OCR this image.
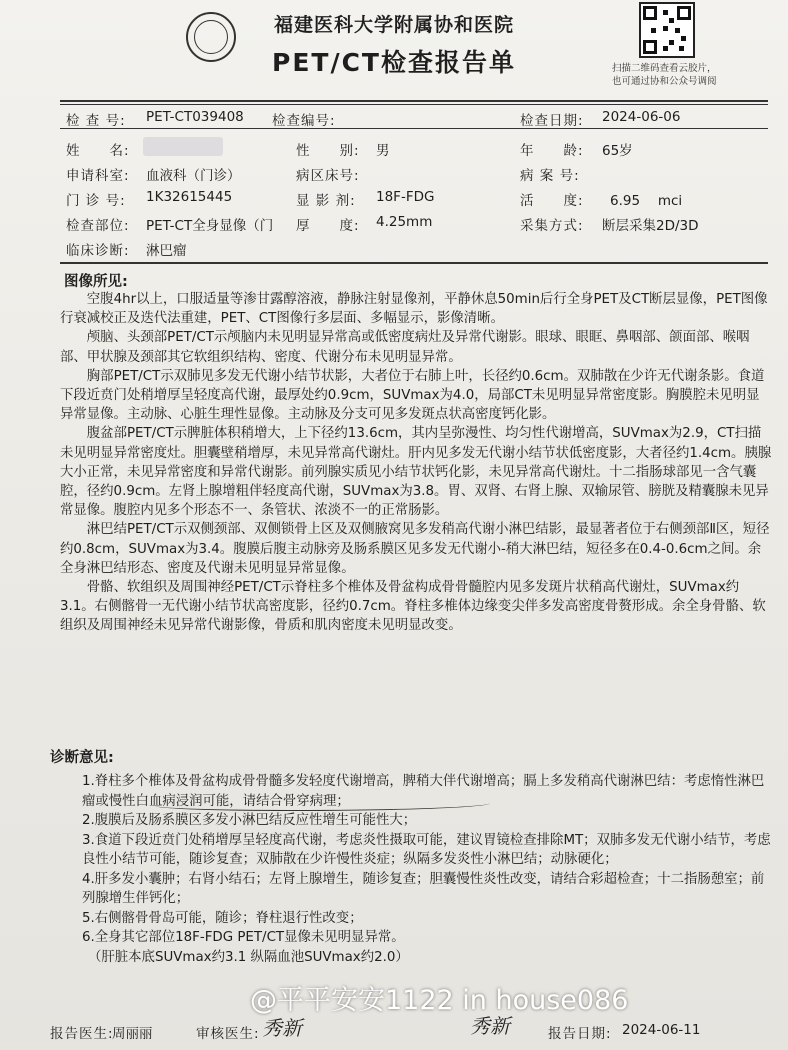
福建医科大学附属协和医院
PET/CT检查报告单	扫描二维码查看云胶片，
也可通过协和公众号调阅
检 查 号: PET-CT039408 检查编号:	检查日期: 2024-06-06
姓　　名:	性　　别: 男	年　　龄: 65岁
申请科室: 血液科（门诊）	病区床号:	病 案 号:
门 诊 号: 1K32615445	显 影 剂: 18F-FDG	活　　度: 6.95　 mci
检查部位: PET-CT全身显像（门 厚　　度: 4.25mm	采集方式: 断层采集2D/3D
临床诊断: 淋巴瘤
图像所见:

空腹4hr以上，口服适量等渗甘露醇溶液，静脉注射显像剂，平静休息50min后行全身PET及CT断层显像，PET图像行衰减校正及迭代法重建，PET、CT图像行多层面、多幅显示，影像清晰。

颅脑、头颈部PET/CT示颅脑内未见明显异常高或低密度病灶及异常代谢影。眼球、眼眶、鼻咽部、颌面部、喉咽部、甲状腺及颈部其它软组织结构、密度、代谢分布未见明显异常。

胸部PET/CT示双肺见多发无代谢小结节状影，大者位于右肺上叶，长径约0.6cm。双肺散在少许无代谢条影。食道下段近贲门处稍增厚呈轻度高代谢，最厚处约0.9cm，SUVmax为4.0，局部CT未见明显异常密度影。胸膜腔未见明显异常显像。主动脉、心脏生理性显像。主动脉及分支可见多发斑点状高密度钙化影。

腹盆部PET/CT示脾脏体积稍增大，上下径约13.6cm，其内呈弥漫性、均匀性代谢增高，SUVmax为2.9，CT扫描未见明显异常密度灶。胆囊壁稍增厚，未见异常高代谢灶。肝内见多发无代谢小结节状低密度影，大者径约1.4cm。胰腺大小正常，未见异常密度和异常代谢影。前列腺实质见小结节状钙化影，未见异常高代谢灶。十二指肠球部见一含气囊腔，径约0.9cm。左肾上腺增粗伴轻度高代谢，SUVmax为3.8。胃、双肾、右肾上腺、双输尿管、膀胱及精囊腺未见异常显像。腹腔内见多个形态不一、条管状、浓淡不一的正常肠影。

淋巴结PET/CT示双侧颈部、双侧锁骨上区及双侧腋窝见多发稍高代谢小淋巴结影，最显著者位于右侧颈部Ⅱ区，短径约0.8cm，SUVmax为3.4。腹膜后腹主动脉旁及肠系膜区见多发无代谢小-稍大淋巴结，短径多在0.4-0.6cm之间。余全身淋巴结形态、密度及代谢未见明显异常显像。

骨骼、软组织及周围神经PET/CT示脊柱多个椎体及骨盆构成骨骨髓腔内见多发斑片状稍高代谢灶，SUVmax约3.1。右侧髂骨一无代谢小结节状高密度影，径约0.7cm。脊柱多椎体边缘变尖伴多发高密度骨赘形成。余全身骨骼、软组织及周围神经未见异常代谢影像，骨质和肌肉密度未见明显改变。

诊断意见:

1.脊柱多个椎体及骨盆构成骨骨髓多发轻度代谢增高，脾稍大伴代谢增高；膈上多发稍高代谢淋巴结：考虑惰性淋巴瘤或慢性白血病浸润可能，请结合骨穿病理；

2.腹膜后及肠系膜区多发小淋巴结反应性增生可能性大；

3.食道下段近贲门处稍增厚呈轻度高代谢，考虑炎性摄取可能，建议胃镜检查排除MT；双肺多发无代谢小结节，考虑良性小结节可能，随诊复查；双肺散在少许慢性炎症；纵隔多发炎性小淋巴结；动脉硬化；

4.肝多发小囊肿；右肾小结石；左肾上腺增生，随诊复查；胆囊慢性炎性改变，请结合彩超检查；十二指肠憩室；前列腺增生伴钙化；

5.右侧髂骨骨岛可能，随诊；脊柱退行性改变；

6.全身其它部位18F-FDG PET/CT显像未见明显异常。

（肝脏本底SUVmax约3.1 纵隔血池SUVmax约2.0）

报告医生:
周丽丽	审核医生: 秀新	秀新	报告日期: 2024-06-11
@平平安安1122 in house086
